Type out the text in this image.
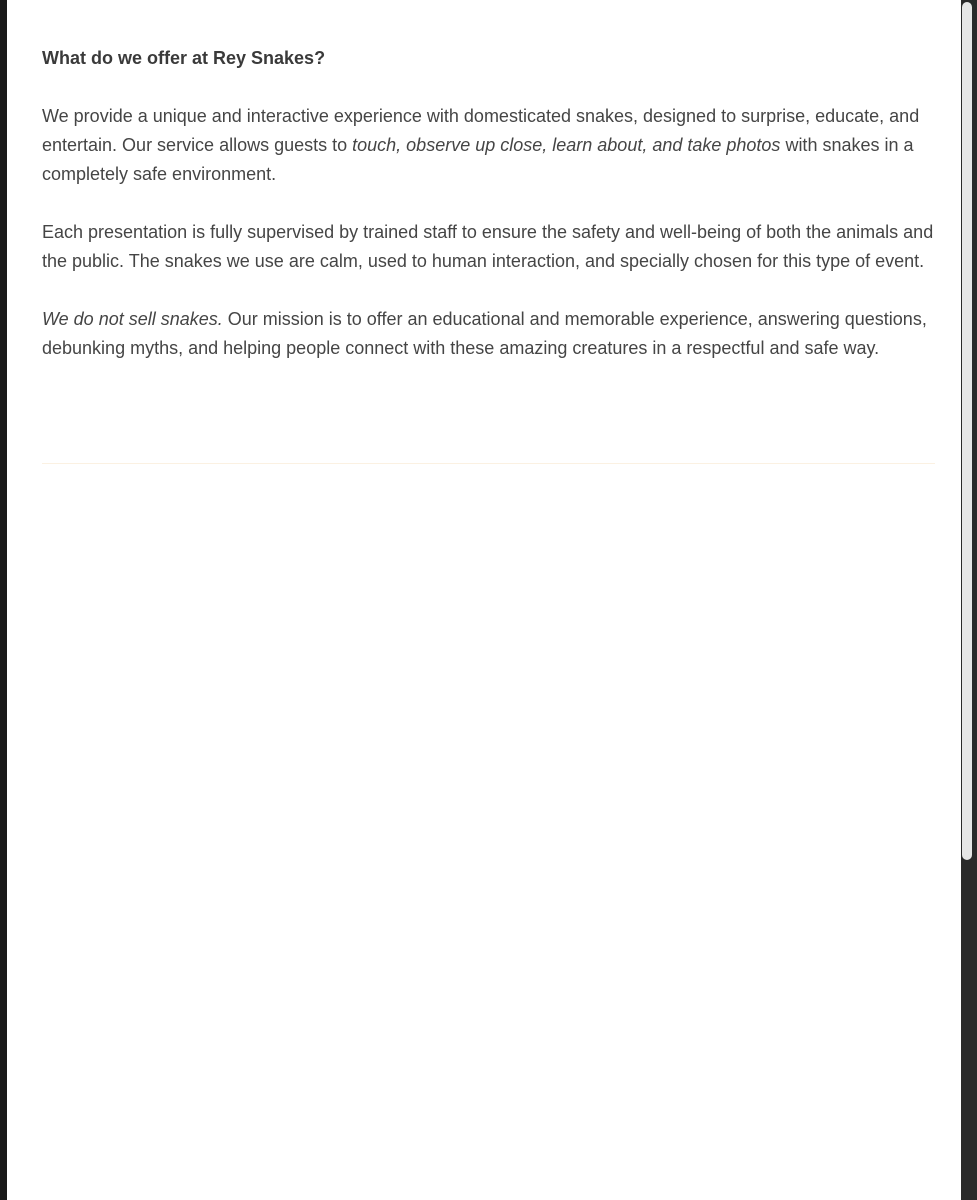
What do we offer at Rey Snakes?

We provide a unique and interactive experience with domesticated snakes, designed to surprise, educate, and entertain. Our service allows guests to touch, observe up close, learn about, and take photos with snakes in a completely safe environment.

Each presentation is fully supervised by trained staff to ensure the safety and well-being of both the animals and the public. The snakes we use are calm, used to human interaction, and specially chosen for this type of event.

We do not sell snakes. Our mission is to offer an educational and memorable experience, answering questions, debunking myths, and helping people connect with these amazing creatures in a respectful and safe way.
